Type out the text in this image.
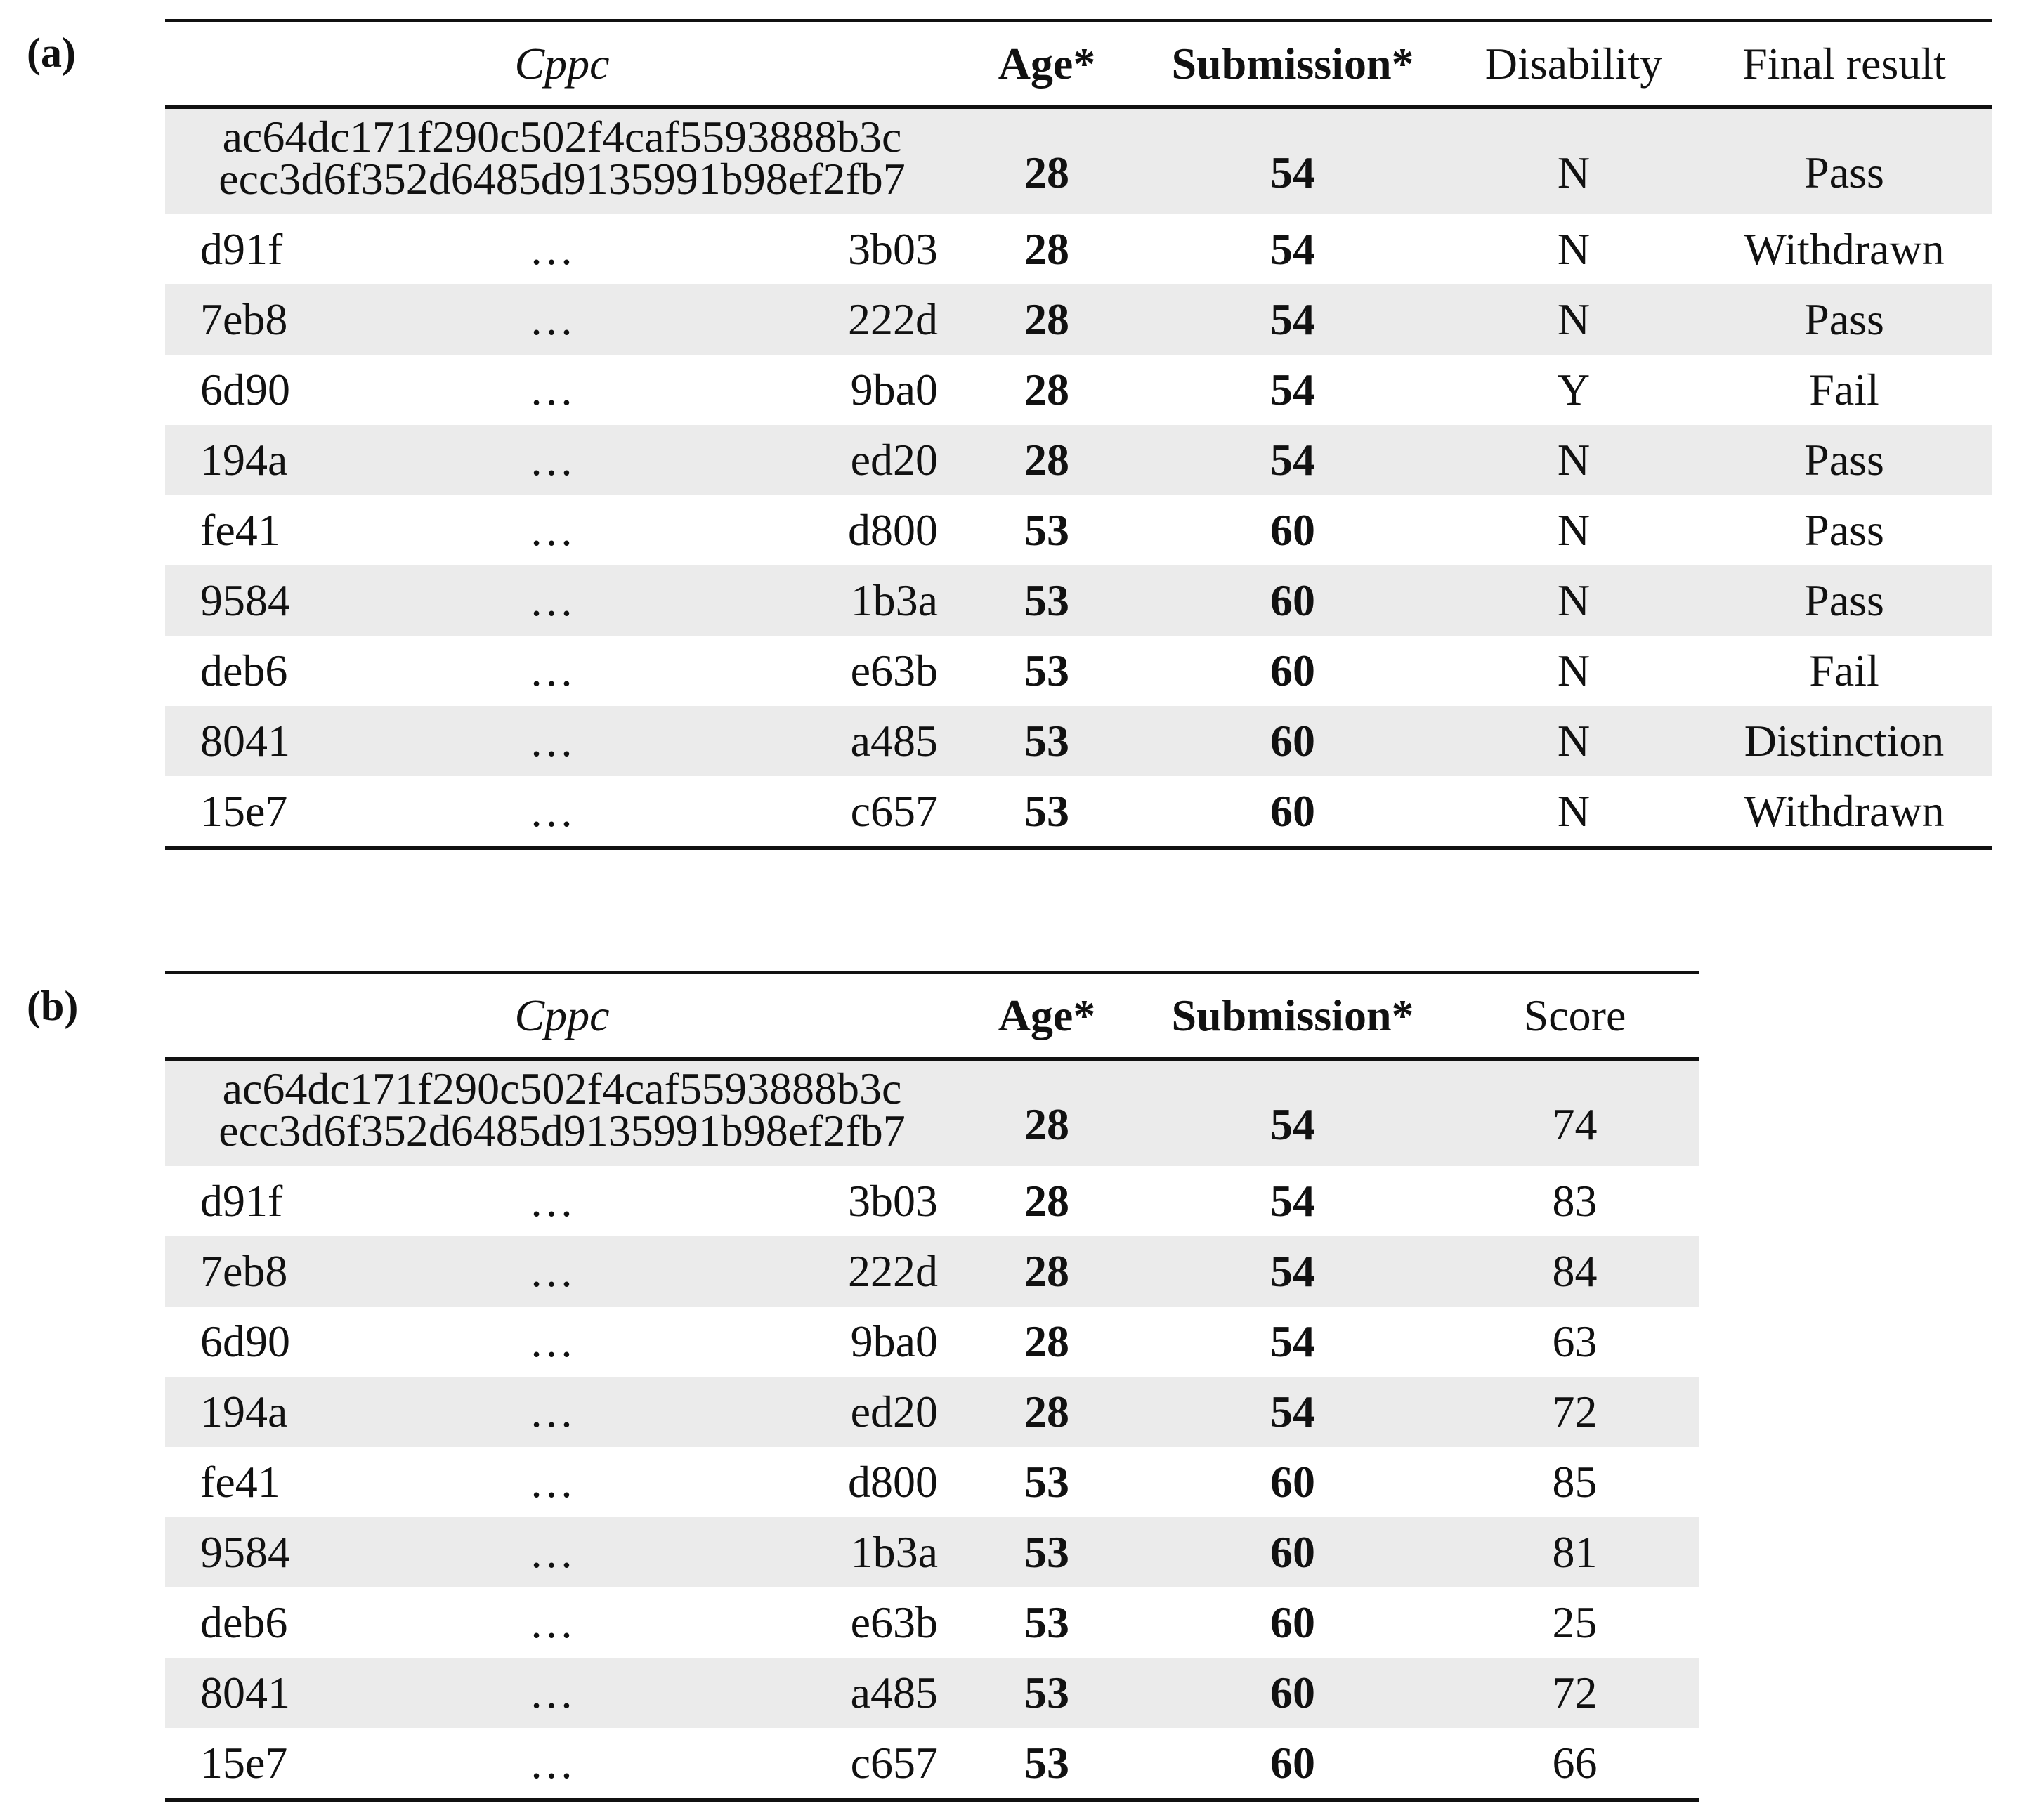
(a)	Cppc	Age*	Submission*	Disability	Final result
ac64dc171f290c502f4caf5593888b3c
ecc3d6f352d6485d9135991b98ef2fb7	28	54	N	Pass
d91f	…	3b03	28	54	N	Withdrawn
7eb8	…	222d	28	54	N	Pass
6d90	…	9ba0	28	54	Y	Fail
194a	…	ed20	28	54	N	Pass
fe41	…	d800	53	60	N	Pass
9584	…	1b3a	53	60	N	Pass
deb6	…	e63b	53	60	N	Fail
8041	…	a485	53	60	N	Distinction
15e7	…	c657	53	60	N	Withdrawn
(b)	Cppc	Age*	Submission*	Score
ac64dc171f290c502f4caf5593888b3c
ecc3d6f352d6485d9135991b98ef2fb7	28	54	74
d91f	…	3b03	28	54	83
7eb8	…	222d	28	54	84
6d90	…	9ba0	28	54	63
194a	…	ed20	28	54	72
fe41	…	d800	53	60	85
9584	…	1b3a	53	60	81
deb6	…	e63b	53	60	25
8041	…	a485	53	60	72
15e7	…	c657	53	60	66
